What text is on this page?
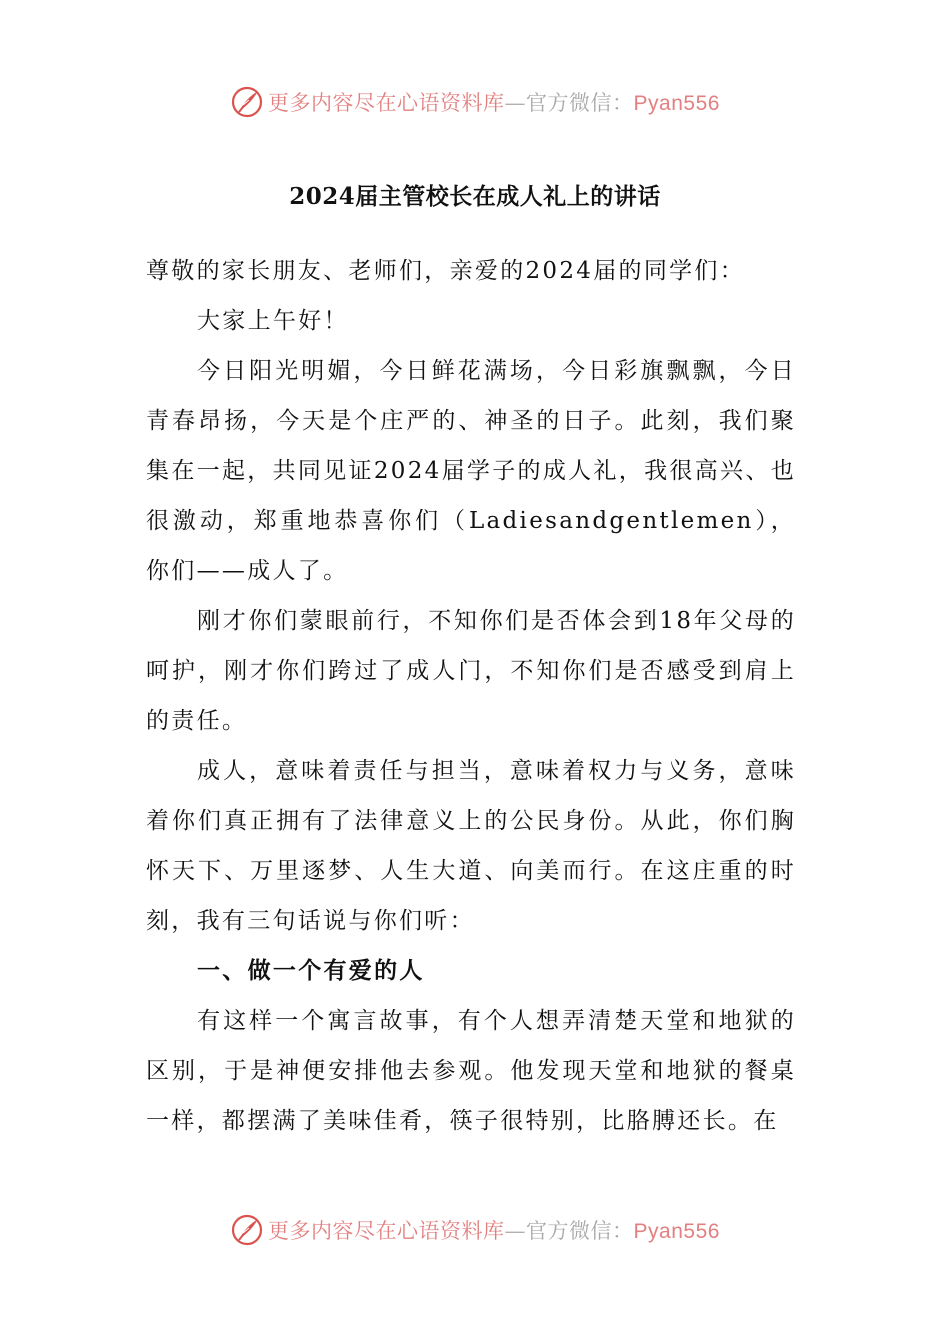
更多内容尽在心语资料库—官方微信：Pyan556
2024届主管校长在成人礼上的讲话

尊敬的家长朋友、老师们，亲爱的2024届的同学们：

大家上午好！

今日阳光明媚，今日鲜花满场，今日彩旗飘飘，今日青春昂扬，今天是个庄严的、神圣的日子。此刻，我们聚集在一起，共同见证2024届学子的成人礼，我很高兴、也很激动，郑重地恭喜你们（Ladiesandgentlemen），你们——成人了。

刚才你们蒙眼前行，不知你们是否体会到18年父母的呵护，刚才你们跨过了成人门，不知你们是否感受到肩上的责任。

成人，意味着责任与担当，意味着权力与义务，意味着你们真正拥有了法律意义上的公民身份。从此，你们胸怀天下、万里逐梦、人生大道、向美而行。在这庄重的时刻，我有三句话说与你们听：

一、做一个有爱的人

有这样一个寓言故事，有个人想弄清楚天堂和地狱的区别，于是神便安排他去参观。他发现天堂和地狱的餐桌一样，都摆满了美味佳肴，筷子很特别，比胳膊还长。在

更多内容尽在心语资料库—官方微信：Pyan556
